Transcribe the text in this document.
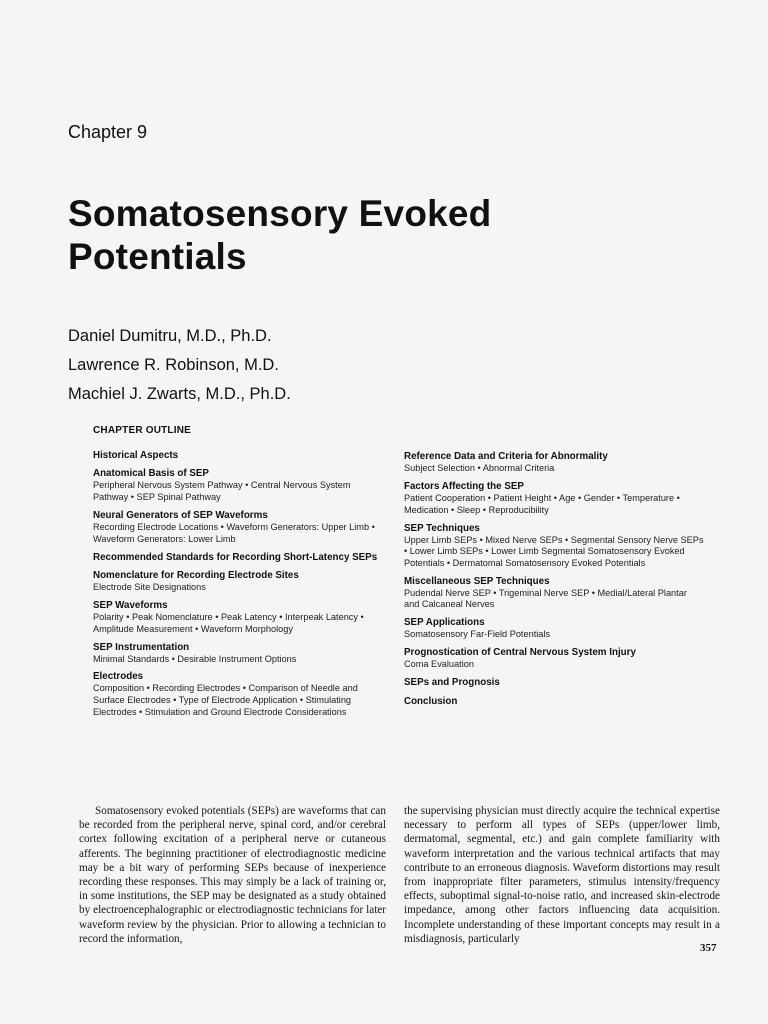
Chapter 9
Somatosensory Evoked
Potentials
Daniel Dumitru, M.D., Ph.D.
Lawrence R. Robinson, M.D.
Machiel J. Zwarts, M.D., Ph.D.
CHAPTER OUTLINE
Historical Aspects
Anatomical Basis of SEP
Peripheral Nervous System Pathway • Central Nervous System Pathway • SEP Spinal Pathway
Neural Generators of SEP Waveforms
Recording Electrode Locations • Waveform Generators: Upper Limb • Waveform Generators: Lower Limb
Recommended Standards for Recording Short-Latency SEPs
Nomenclature for Recording Electrode Sites
Electrode Site Designations
SEP Waveforms
Polarity • Peak Nomenclature • Peak Latency • Interpeak Latency • Amplitude Measurement • Waveform Morphology
SEP Instrumentation
Minimal Standards • Desirable Instrument Options
Electrodes
Composition • Recording Electrodes • Comparison of Needle and Surface Electrodes • Type of Electrode Application • Stimulating Electrodes • Stimulation and Ground Electrode Considerations
Reference Data and Criteria for Abnormality
Subject Selection • Abnormal Criteria
Factors Affecting the SEP
Patient Cooperation • Patient Height • Age • Gender • Temperature • Medication • Sleep • Reproducibility
SEP Techniques
Upper Limb SEPs • Mixed Nerve SEPs • Segmental Sensory Nerve SEPs • Lower Limb SEPs • Lower Limb Segmental Somatosensory Evoked Potentials • Dermatomal Somatosensory Evoked Potentials
Miscellaneous SEP Techniques
Pudendal Nerve SEP • Trigeminal Nerve SEP • Medial/Lateral Plantar and Calcaneal Nerves
SEP Applications
Somatosensory Far-Field Potentials
Prognostication of Central Nervous System Injury
Coma Evaluation
SEPs and Prognosis
Conclusion

Somatosensory evoked potentials (SEPs) are waveforms that can be recorded from the peripheral nerve, spinal cord, and/or cerebral cortex following excitation of a peripheral nerve or cutaneous afferents. The beginning practitioner of electrodiagnostic medicine may be a bit wary of performing SEPs because of inexperience recording these responses. This may simply be a lack of training or, in some institutions, the SEP may be designated as a study obtained by electroencephalographic or electrodiagnostic technicians for later waveform review by the physician. Prior to allowing a technician to record the information,

the supervising physician must directly acquire the technical expertise necessary to perform all types of SEPs (upper/lower limb, dermatomal, segmental, etc.) and gain complete familiarity with waveform interpretation and the various technical artifacts that may contribute to an erroneous diagnosis. Waveform distortions may result from inappropriate filter parameters, stimulus intensity/frequency effects, suboptimal signal-to-noise ratio, and increased skin-electrode impedance, among other factors influencing data acquisition. Incomplete understanding of these important concepts may result in a misdiagnosis, particularly

357
